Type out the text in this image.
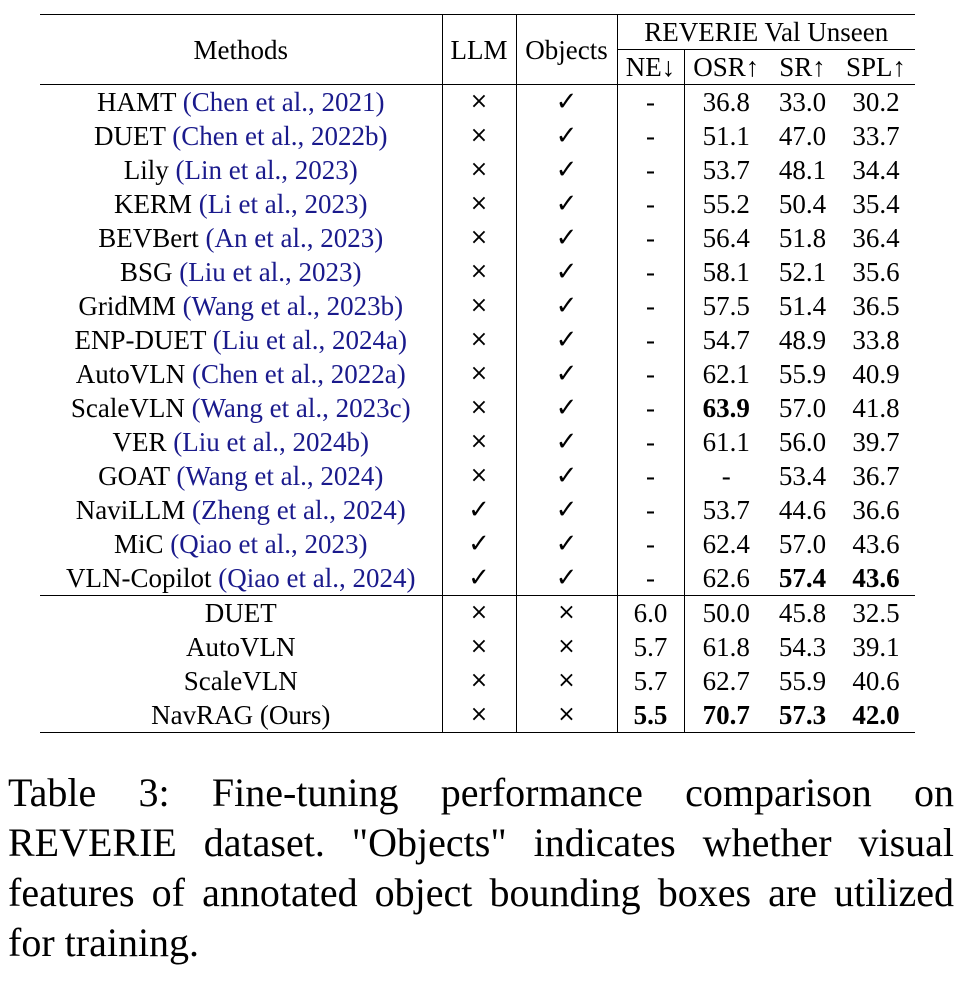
Methods	LLM	Objects	REVERIE Val Unseen			
			NE↓	OSR↑	SR↑	SPL↑
HAMT (Chen et al., 2021)	×	✓	-	36.8	33.0	30.2
DUET (Chen et al., 2022b)	×	✓	-	51.1	47.0	33.7
Lily (Lin et al., 2023)	×	✓	-	53.7	48.1	34.4
KERM (Li et al., 2023)	×	✓	-	55.2	50.4	35.4
BEVBert (An et al., 2023)	×	✓	-	56.4	51.8	36.4
BSG (Liu et al., 2023)	×	✓	-	58.1	52.1	35.6
GridMM (Wang et al., 2023b)	×	✓	-	57.5	51.4	36.5
ENP-DUET (Liu et al., 2024a)	×	✓	-	54.7	48.9	33.8
AutoVLN (Chen et al., 2022a)	×	✓	-	62.1	55.9	40.9
ScaleVLN (Wang et al., 2023c)	×	✓	-	63.9	57.0	41.8
VER (Liu et al., 2024b)	×	✓	-	61.1	56.0	39.7
GOAT (Wang et al., 2024)	×	✓	-	-	53.4	36.7
NaviLLM (Zheng et al., 2024)	✓	✓	-	53.7	44.6	36.6
MiC (Qiao et al., 2023)	✓	✓	-	62.4	57.0	43.6
VLN-Copilot (Qiao et al., 2024)	✓	✓	-	62.6	57.4	43.6
DUET	×	×	6.0	50.0	45.8	32.5
AutoVLN	×	×	5.7	61.8	54.3	39.1
ScaleVLN	×	×	5.7	62.7	55.9	40.6
NavRAG (Ours)	×	×	5.5	70.7	57.3	42.0
Table 3: Fine-tuning performance comparison on REVERIE dataset. "Objects" indicates whether visual features of annotated object bounding boxes are utilized for training.
